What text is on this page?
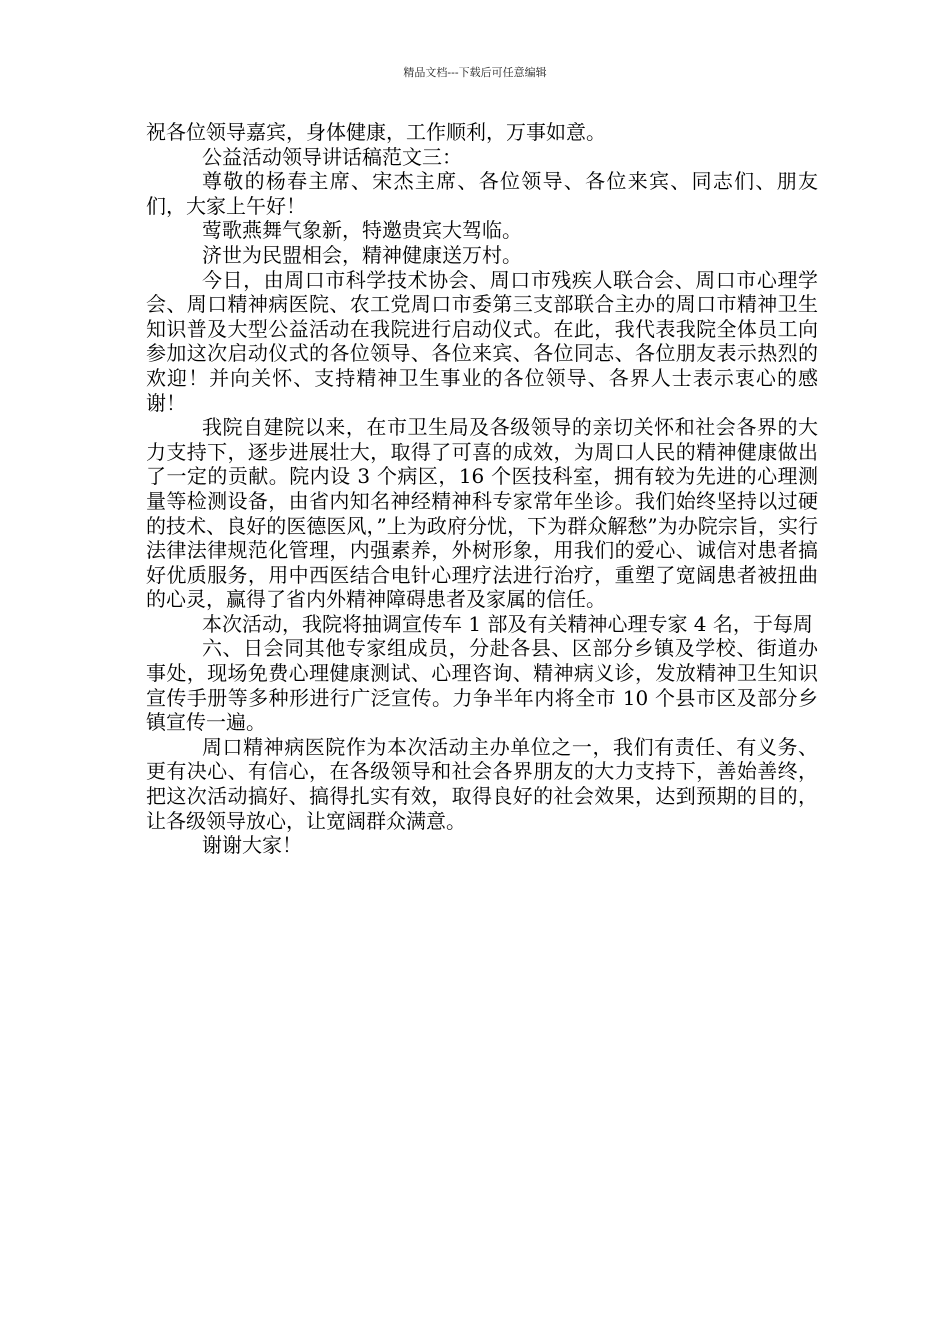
精品文档---下载后可任意编辑

祝各位领导嘉宾，身体健康，工作顺利，万事如意。

公益活动领导讲话稿范文三：

尊敬的杨春主席、宋杰主席、各位领导、各位来宾、同志们、朋友们，大家上午好！

莺歌燕舞气象新，特邀贵宾大驾临。

济世为民盟相会，精神健康送万村。

今日，由周口市科学技术协会、周口市残疾人联合会、周口市心理学会、周口精神病医院、农工党周口市委第三支部联合主办的周口市精神卫生知识普及大型公益活动在我院进行启动仪式。在此，我代表我院全体员工向参加这次启动仪式的各位领导、各位来宾、各位同志、各位朋友表示热烈的欢迎！并向关怀、支持精神卫生事业的各位领导、各界人士表示衷心的感谢！

我院自建院以来，在市卫生局及各级领导的亲切关怀和社会各界的大力支持下，逐步进展壮大，取得了可喜的成效，为周口人民的精神健康做出了一定的贡献。院内设 3 个病区，16 个医技科室，拥有较为先进的心理测量等检测设备，由省内知名神经精神科专家常年坐诊。我们始终坚持以过硬的技术、良好的医德医风，”上为政府分忧，下为群众解愁”为办院宗旨，实行法律法律规范化管理，内强素养，外树形象，用我们的爱心、诚信对患者搞好优质服务，用中西医结合电针心理疗法进行治疗，重塑了宽阔患者被扭曲的心灵，赢得了省内外精神障碍患者及家属的信任。

本次活动，我院将抽调宣传车 1 部及有关精神心理专家 4 名，于每周

六、日会同其他专家组成员，分赴各县、区部分乡镇及学校、街道办事处，现场免费心理健康测试、心理咨询、精神病义诊，发放精神卫生知识宣传手册等多种形进行广泛宣传。力争半年内将全市 10 个县市区及部分乡镇宣传一遍。

周口精神病医院作为本次活动主办单位之一，我们有责任、有义务、更有决心、有信心，在各级领导和社会各界朋友的大力支持下，善始善终，把这次活动搞好、搞得扎实有效，取得良好的社会效果，达到预期的目的，让各级领导放心，让宽阔群众满意。

谢谢大家！
